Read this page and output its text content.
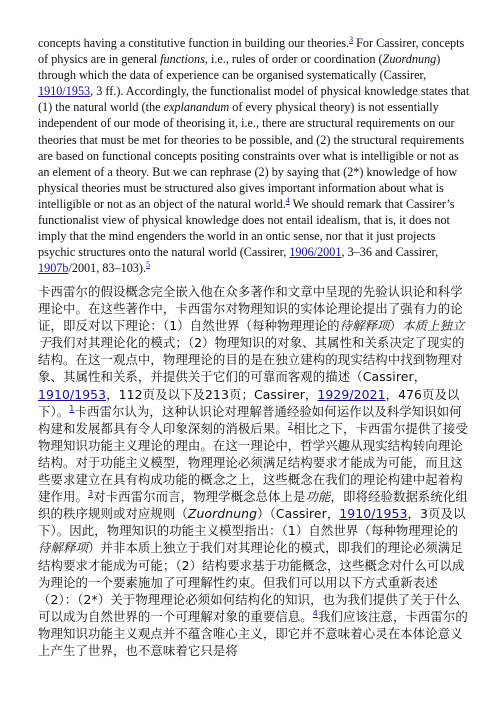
concepts having a constitutive function in building our theories.$^3$ For Cassirer, concepts of physics are in general functions, i.e., rules of order or coordination (Zuordnung) through which the data of experience can be organised systematically (Cassirer, 1910/1953, 3 ff.). Accordingly, the functionalist model of physical knowledge states that (1) the natural world (the explanandum of every physical theory) is not essentially independent of our mode of theorising it, i.e., there are structural requirements on our theories that must be met for theories to be possible, and (2) the structural requirements are based on functional concepts positing constraints over what is intelligible or not as an element of a theory. But we can rephrase (2) by saying that (2*) knowledge of how physical theories must be structured also gives important information about what is intelligible or not as an object of the natural world.$^4$ We should remark that Cassirer’s functionalist view of physical knowledge does not entail idealism, that is, it does not imply that the mind engenders the world in an ontic sense, nor that it just projects psychic structures onto the natural world (Cassirer, 1906/2001, 3–36 and Cassirer, 1907b/2001, 83–103).$^5$

卡西雷尔的假设概念完全嵌入他在众多著作和文章中呈现的先验认识论和科学理论中。在这些著作中，卡西雷尔对物理知识的实体论理论提出了强有力的论证，即反对以下理论：（1）自然世界（每种物理理论的待解释项）本质上独立于我们对其理论化的模式；（2）物理知识的对象、其属性和关系决定了现实的结构。在这一观点中，物理理论的目的是在独立建构的现实结构中找到物理对象、其属性和关系，并提供关于它们的可靠而客观的描述（Cassirer，1910/1953，112页及以下及213页；Cassirer，1929/2021，476页及以下）。$^1$卡西雷尔认为，这种认识论对理解普通经验如何运作以及科学知识如何构建和发展都具有令人印象深刻的消极后果。$^2$相比之下，卡西雷尔提供了接受物理知识功能主义理论的理由。在这一理论中，哲学兴趣从现实结构转向理论结构。对于功能主义模型，物理理论必须满足结构要求才能成为可能，而且这些要求建立在具有构成功能的概念之上，这些概念在我们的理论构建中起着构建作用。$^3$对卡西雷尔而言，物理学概念总体上是功能，即将经验数据系统化组织的秩序规则或对应规则（Zuordnung）（Cassirer，1910/1953，3页及以下）。因此，物理知识的功能主义模型指出：（1）自然世界（每种物理理论的待解释项）并非本质上独立于我们对其理论化的模式，即我们的理论必须满足结构要求才能成为可能；（2）结构要求基于功能概念，这些概念对什么可以成为理论的一个要素施加了可理解性约束。但我们可以用以下方式重新表述（2）：（2*）关于物理理论必须如何结构化的知识，也为我们提供了关于什么可以成为自然世界的一个可理解对象的重要信息。$^4$我们应该注意，卡西雷尔的物理知识功能主义观点并不蕴含唯心主义，即它并不意味着心灵在本体论意义上产生了世界，也不意味着它只是将
